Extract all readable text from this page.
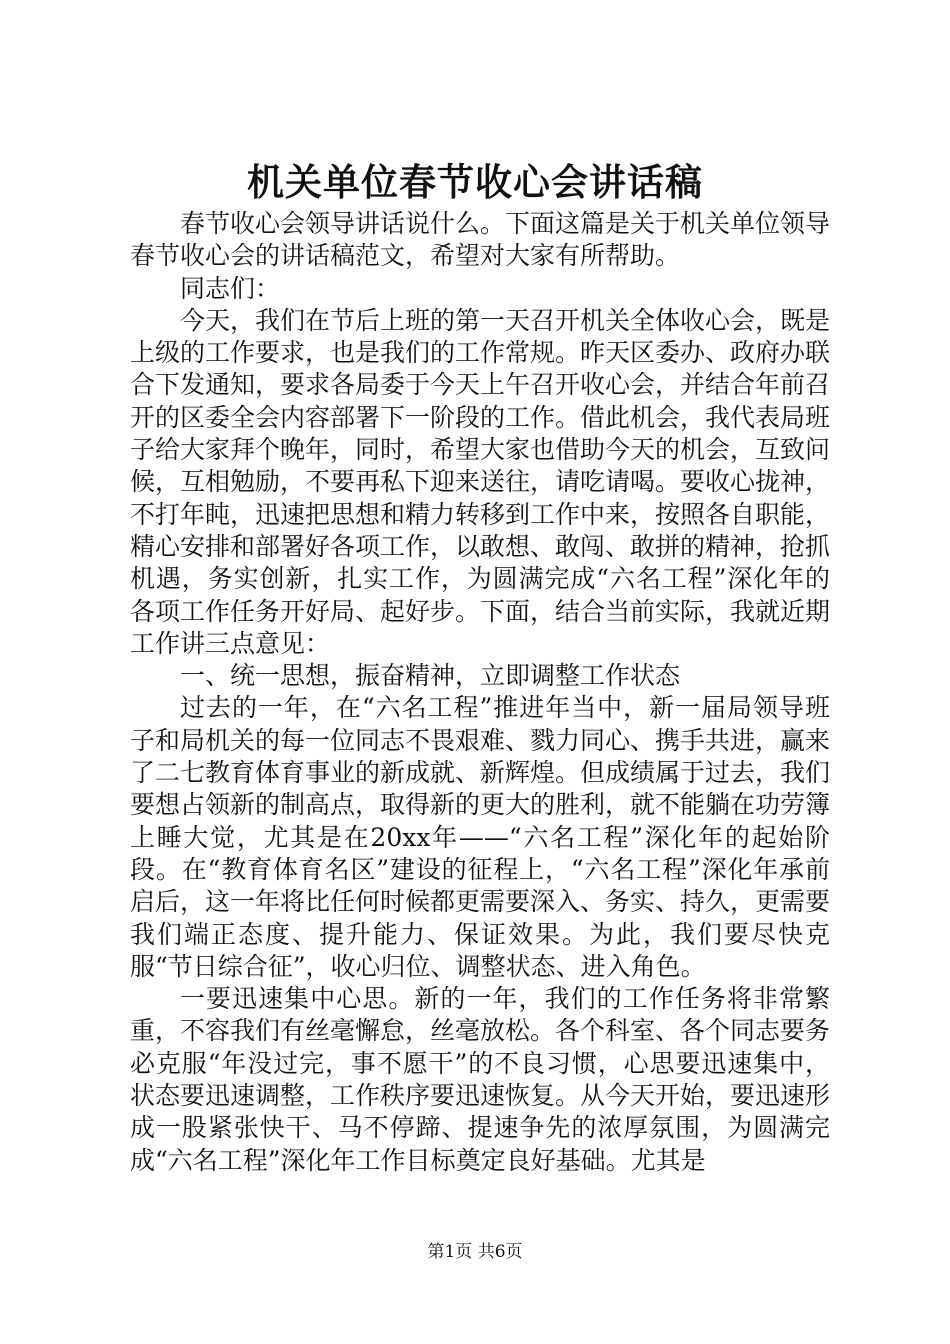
机关单位春节收心会讲话稿

春节收心会领导讲话说什么。下面这篇是关于机关单位领导春节收心会的讲话稿范文，希望对大家有所帮助。

同志们：

今天，我们在节后上班的第一天召开机关全体收心会，既是上级的工作要求，也是我们的工作常规。昨天区委办、政府办联合下发通知，要求各局委于今天上午召开收心会，并结合年前召开的区委全会内容部署下一阶段的工作。借此机会，我代表局班子给大家拜个晚年，同时，希望大家也借助今天的机会，互致问候，互相勉励，不要再私下迎来送往，请吃请喝。要收心拢神，不打年盹，迅速把思想和精力转移到工作中来，按照各自职能，精心安排和部署好各项工作，以敢想、敢闯、敢拼的精神，抢抓机遇，务实创新，扎实工作，为圆满完成“六名工程”深化年的各项工作任务开好局、起好步。下面，结合当前实际，我就近期工作讲三点意见：

一、统一思想，振奋精神，立即调整工作状态

过去的一年，在“六名工程”推进年当中，新一届局领导班子和局机关的每一位同志不畏艰难、戮力同心、携手共进，赢来了二七教育体育事业的新成就、新辉煌。但成绩属于过去，我们要想占领新的制高点，取得新的更大的胜利，就不能躺在功劳簿上睡大觉，尤其是在20xx年——“六名工程”深化年的起始阶段。在“教育体育名区”建设的征程上，“六名工程”深化年承前启后，这一年将比任何时候都更需要深入、务实、持久，更需要我们端正态度、提升能力、保证效果。为此，我们要尽快克服“节日综合征”，收心归位、调整状态、进入角色。

一要迅速集中心思。新的一年，我们的工作任务将非常繁重，不容我们有丝毫懈怠，丝毫放松。各个科室、各个同志要务必克服“年没过完，事不愿干”的不良习惯，心思要迅速集中，状态要迅速调整，工作秩序要迅速恢复。从今天开始，要迅速形成一股紧张快干、马不停蹄、提速争先的浓厚氛围，为圆满完成“六名工程”深化年工作目标奠定良好基础。尤其是

第1页 共6页
